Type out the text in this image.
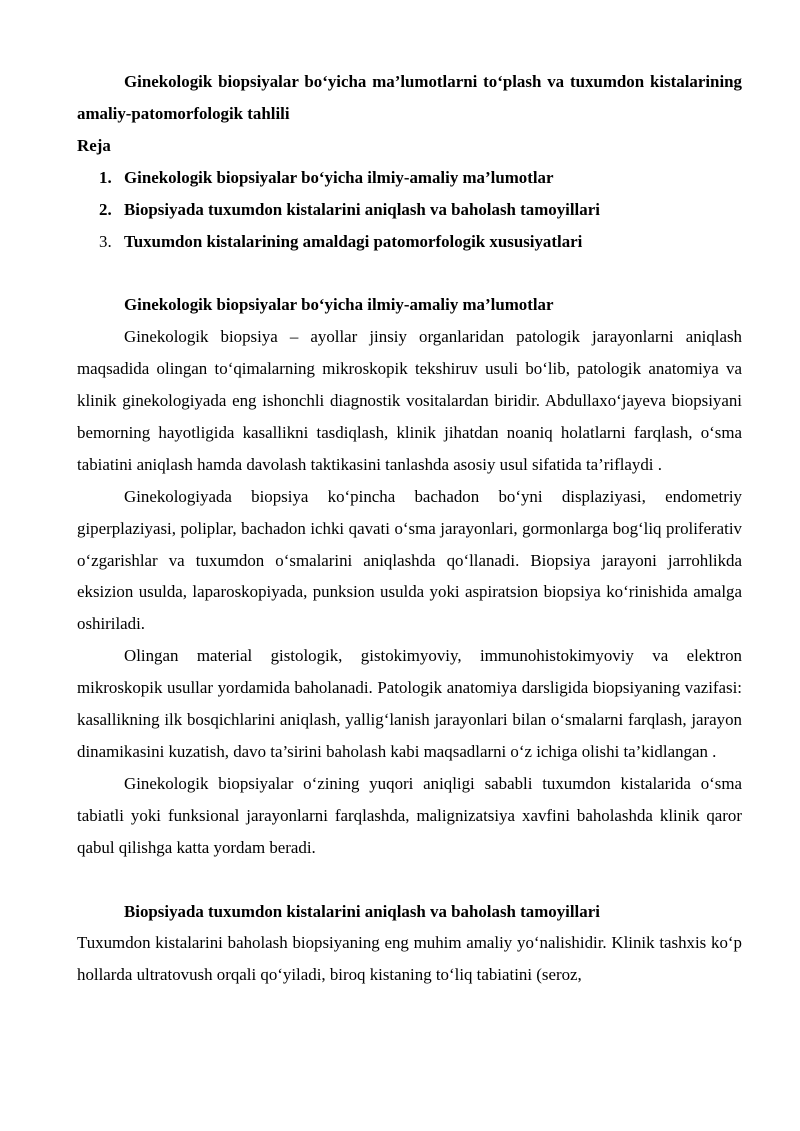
Ginekologik biopsiyalar bo‘yicha ma’lumotlarni to‘plash va tuxumdon kistalarining amaliy-patomorfologik tahlili

Reja

1. Ginekologik biopsiyalar bo‘yicha ilmiy-amaliy ma’lumotlar
2. Biopsiyada tuxumdon kistalarini aniqlash va baholash tamoyillari
3. Tuxumdon kistalarining amaldagi patomorfologik xususiyatlari

Ginekologik biopsiyalar bo‘yicha ilmiy-amaliy ma’lumotlar

Ginekologik biopsiya – ayollar jinsiy organlaridan patologik jarayonlarni aniqlash maqsadida olingan to‘qimalarning mikroskopik tekshiruv usuli bo‘lib, patologik anatomiya va klinik ginekologiyada eng ishonchli diagnostik vositalardan biridir. Abdullaxo‘jayeva biopsiyani bemorning hayotligida kasallikni tasdiqlash, klinik jihatdan noaniq holatlarni farqlash, o‘sma tabiatini aniqlash hamda davolash taktikasini tanlashda asosiy usul sifatida ta’riflaydi .

Ginekologiyada biopsiya ko‘pincha bachadon bo‘yni displaziyasi, endometriy giperplaziyasi, poliplar, bachadon ichki qavati o‘sma jarayonlari, gormonlarga bog‘liq proliferativ o‘zgarishlar va tuxumdon o‘smalarini aniqlashda qo‘llanadi. Biopsiya jarayoni jarrohlikda eksizion usulda, laparoskopiyada, punksion usulda yoki aspiratsion biopsiya ko‘rinishida amalga oshiriladi.

Olingan material gistologik, gistokimyoviy, immunohistokimyoviy va elektron mikroskopik usullar yordamida baholanadi. Patologik anatomiya darsligida biopsiyaning vazifasi: kasallikning ilk bosqichlarini aniqlash, yallig‘lanish jarayonlari bilan o‘smalarni farqlash, jarayon dinamikasini kuzatish, davo ta’sirini baholash kabi maqsadlarni o‘z ichiga olishi ta’kidlangan .

Ginekologik biopsiyalar o‘zining yuqori aniqligi sababli tuxumdon kistalarida o‘sma tabiatli yoki funksional jarayonlarni farqlashda, malignizatsiya xavfini baholashda klinik qaror qabul qilishga katta yordam beradi.

Biopsiyada tuxumdon kistalarini aniqlash va baholash tamoyillari

Tuxumdon kistalarini baholash biopsiyaning eng muhim amaliy yo‘nalishidir. Klinik tashxis ko‘p hollarda ultratovush orqali qo‘yiladi, biroq kistaning to‘liq tabiatini (seroz,
